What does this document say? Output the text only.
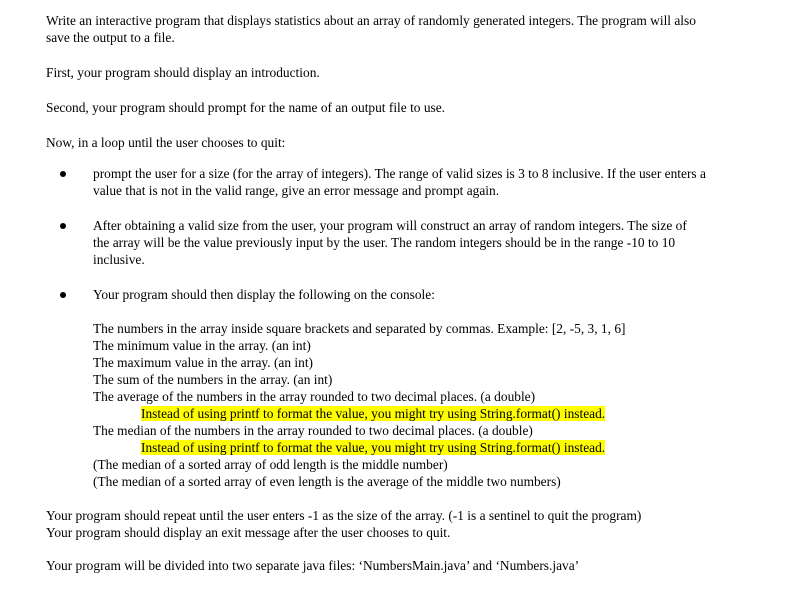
Write an interactive program that displays statistics about an array of randomly generated integers. The program will also
save the output to a file.
First, your program should display an introduction.
Second, your program should prompt for the name of an output file to use.
Now, in a loop until the user chooses to quit:
prompt the user for a size (for the array of integers). The range of valid sizes is 3 to 8 inclusive. If the user enters a
value that is not in the valid range, give an error message and prompt again.
After obtaining a valid size from the user, your program will construct an array of random integers. The size of
the array will be the value previously input by the user. The random integers should be in the range -10 to 10
inclusive.
Your program should then display the following on the console:
The numbers in the array inside square brackets and separated by commas. Example: [2, -5, 3, 1, 6]
The minimum value in the array. (an int)
The maximum value in the array. (an int)
The sum of the numbers in the array. (an int)
The average of the numbers in the array rounded to two decimal places. (a double)
Instead of using printf to format the value, you might try using String.format() instead.
The median of the numbers in the array rounded to two decimal places. (a double)
Instead of using printf to format the value, you might try using String.format() instead.
(The median of a sorted array of odd length is the middle number)
(The median of a sorted array of even length is the average of the middle two numbers)
Your program should repeat until the user enters -1 as the size of the array. (-1 is a sentinel to quit the program)
Your program should display an exit message after the user chooses to quit.
Your program will be divided into two separate java files: ‘NumbersMain.java’ and ‘Numbers.java’
